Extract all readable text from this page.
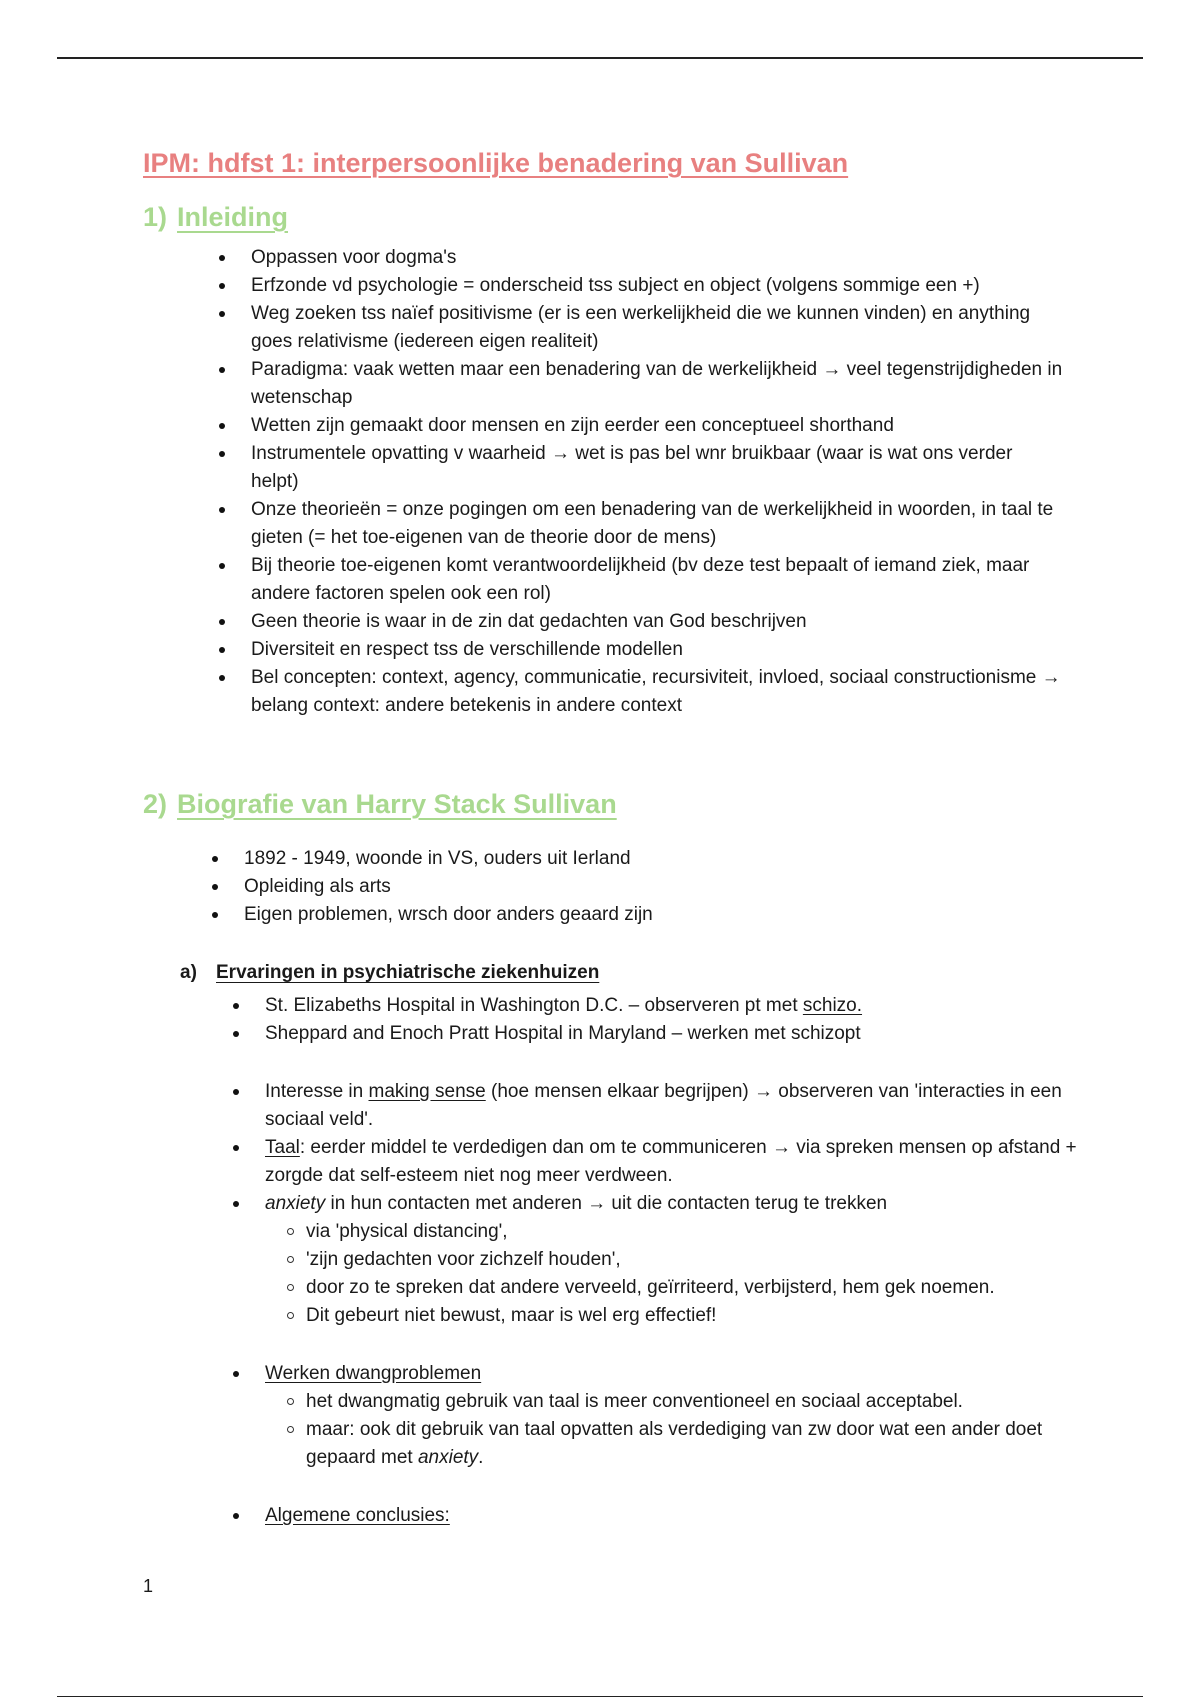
IPM: hdfst 1: interpersoonlijke benadering van Sullivan
1) Inleiding
Oppassen voor dogma's
Erfzonde vd psychologie = onderscheid tss subject en object (volgens sommige een +)
Weg zoeken tss naïef positivisme (er is een werkelijkheid die we kunnen vinden) en anything goes relativisme (iedereen eigen realiteit)
Paradigma: vaak wetten maar een benadering van de werkelijkheid → veel tegenstrijdigheden in wetenschap
Wetten zijn gemaakt door mensen en zijn eerder een conceptueel shorthand
Instrumentele opvatting v waarheid → wet is pas bel wnr bruikbaar (waar is wat ons verder helpt)
Onze theorieën = onze pogingen om een benadering van de werkelijkheid in woorden, in taal te gieten (= het toe-eigenen van de theorie door de mens)
Bij theorie toe-eigenen komt verantwoordelijkheid (bv deze test bepaalt of iemand ziek, maar andere factoren spelen ook een rol)
Geen theorie is waar in de zin dat gedachten van God beschrijven
Diversiteit en respect tss de verschillende modellen
Bel concepten: context, agency, communicatie, recursiviteit, invloed, sociaal constructionisme → belang context: andere betekenis in andere context
2) Biografie van Harry Stack Sullivan
1892 - 1949, woonde in VS, ouders uit Ierland
Opleiding als arts
Eigen problemen, wrsch door anders geaard zijn
a) Ervaringen in psychiatrische ziekenhuizen
St. Elizabeths Hospital in Washington D.C. – observeren pt met schizo.
Sheppard and Enoch Pratt Hospital in Maryland – werken met schizopt
Interesse in making sense (hoe mensen elkaar begrijpen) → observeren van 'interacties in een sociaal veld'.
Taal: eerder middel te verdedigen dan om te communiceren → via spreken mensen op afstand + zorgde dat self-esteem niet nog meer verdween.
anxiety in hun contacten met anderen → uit die contacten terug te trekken
via 'physical distancing',
'zijn gedachten voor zichzelf houden',
door zo te spreken dat andere verveeld, geïrriteerd, verbijsterd, hem gek noemen.
Dit gebeurt niet bewust, maar is wel erg effectief!
Werken dwangproblemen
het dwangmatig gebruik van taal is meer conventioneel en sociaal acceptabel.
maar: ook dit gebruik van taal opvatten als verdediging van zw door wat een ander doet gepaard met anxiety.
Algemene conclusies:
1
